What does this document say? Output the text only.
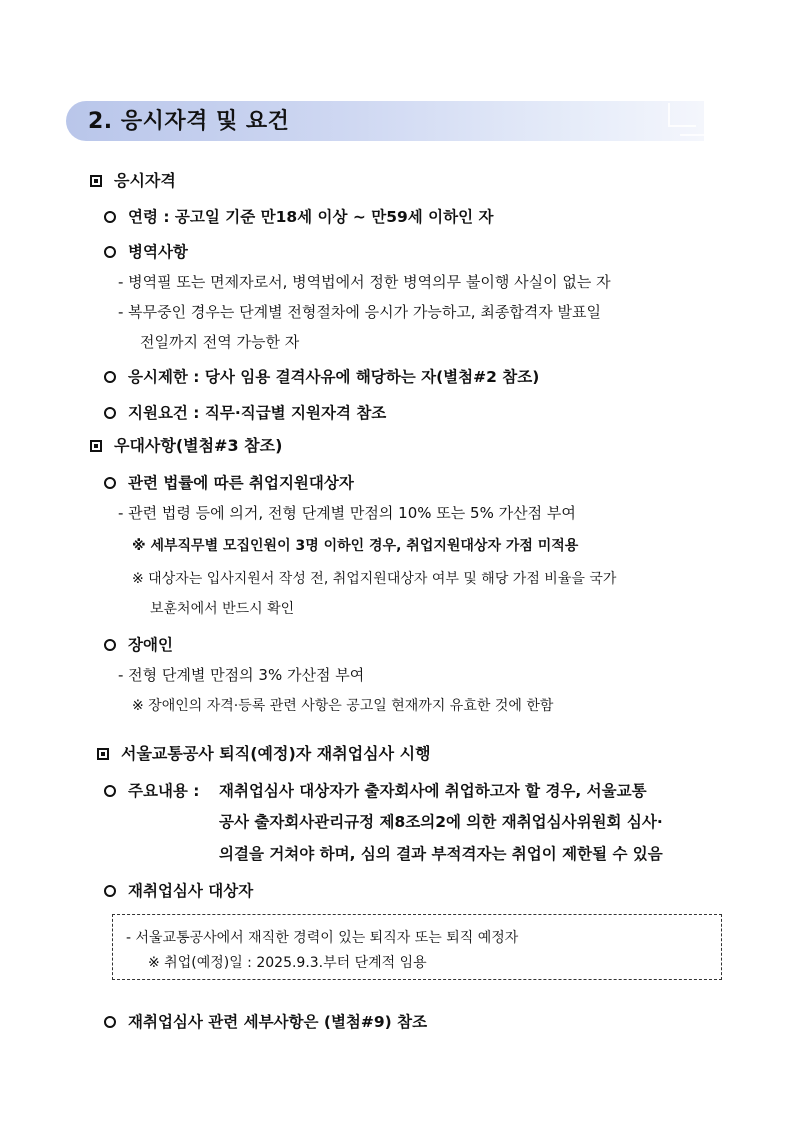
2. 응시자격 및 요건
응시자격
연령 : 공고일 기준 만18세 이상 ~ 만59세 이하인 자
병역사항
- 병역필 또는 면제자로서, 병역법에서 정한 병역의무 불이행 사실이 없는 자
- 복무중인 경우는 단계별 전형절차에 응시가 가능하고, 최종합격자 발표일
전일까지 전역 가능한 자
응시제한 : 당사 임용 결격사유에 해당하는 자(별첨#2 참조)
지원요건 : 직무·직급별 지원자격 참조
우대사항(별첨#3 참조)
관련 법률에 따른 취업지원대상자
- 관련 법령 등에 의거, 전형 단계별 만점의 10% 또는 5% 가산점 부여
※ 세부직무별 모집인원이 3명 이하인 경우, 취업지원대상자 가점 미적용
※ 대상자는 입사지원서 작성 전, 취업지원대상자 여부 및 해당 가점 비율을 국가
보훈처에서 반드시 확인
장애인
- 전형 단계별 만점의 3% 가산점 부여
※ 장애인의 자격·등록 관련 사항은 공고일 현재까지 유효한 것에 한함
서울교통공사 퇴직(예정)자 재취업심사 시행
주요내용 : 재취업심사 대상자가 출자회사에 취업하고자 할 경우, 서울교통
공사 출자회사관리규정 제8조의2에 의한 재취업심사위원회 심사·
의결을 거쳐야 하며, 심의 결과 부적격자는 취업이 제한될 수 있음
재취업심사 대상자
- 서울교통공사에서 재직한 경력이 있는 퇴직자 또는 퇴직 예정자
※ 취업(예정)일 : 2025.9.3.부터 단계적 임용
재취업심사 관련 세부사항은 (별첨#9) 참조
